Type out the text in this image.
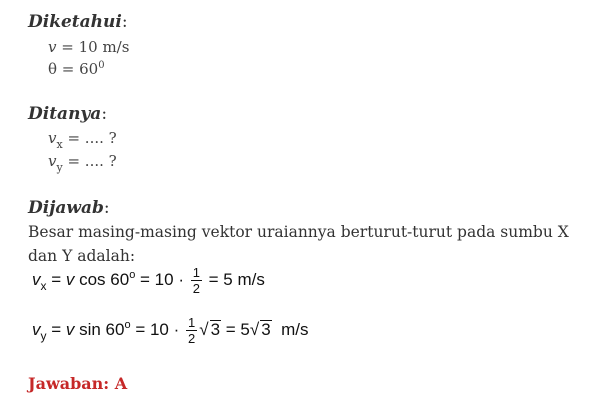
Diketahui:
v = 10 m/s
$\theta = 60^0$
Ditanya:
$v_x$ = .... ?
$v_y$ = .... ?
Dijawab:
Besar masing-masing vektor uraiannya berturut-turut pada sumbu X dan Y adalah:
$v_x = v$ $\cos 60^o = 10 \cdot \frac{1}{2} = 5$ m/s
$v_y = v$ $\sin 60^o = 10 \cdot \frac{1}{2}$ √ 3 = 5√ 3  m/s
Jawaban: A
